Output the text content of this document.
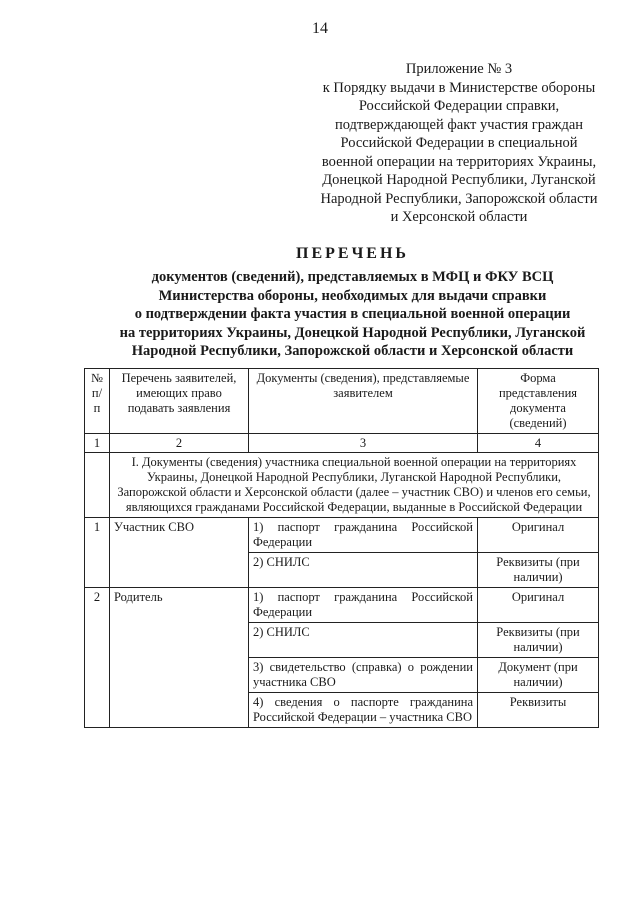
14
Приложение № 3
к Порядку выдачи в Министерстве обороны
Российской Федерации справки,
подтверждающей факт участия граждан
Российской Федерации в специальной
военной операции на территориях Украины,
Донецкой Народной Республики, Луганской
Народной Республики, Запорожской области
и Херсонской области
ПЕРЕЧЕНЬ
документов (сведений), представляемых в МФЦ и ФКУ ВСЦ
Министерства обороны, необходимых для выдачи справки
о подтверждении факта участия в специальной военной операции
на территориях Украины, Донецкой Народной Республики, Луганской
Народной Республики, Запорожской области и Херсонской области
№ п/п	Перечень заявителей, имеющих право подавать заявления	Документы (сведения), представляемые заявителем	Форма представления документа (сведений)
1	2	3	4
	I. Документы (сведения) участника специальной военной операции на территориях Украины, Донецкой Народной Республики, Луганской Народной Республики, Запорожской области и Херсонской области (далее – участник СВО) и членов его семьи, являющихся гражданами Российской Федерации, выданные в Российской Федерации		
1	Участник СВО	1) паспорт гражданина Российской Федерации	Оригинал
		2) СНИЛС	Реквизиты (при наличии)
2	Родитель	1) паспорт гражданина Российской Федерации	Оригинал
		2) СНИЛС	Реквизиты (при наличии)
		3) свидетельство (справка) о рождении участника СВО	Документ (при наличии)
		4) сведения о паспорте гражданина Российской Федерации – участника СВО	Реквизиты
